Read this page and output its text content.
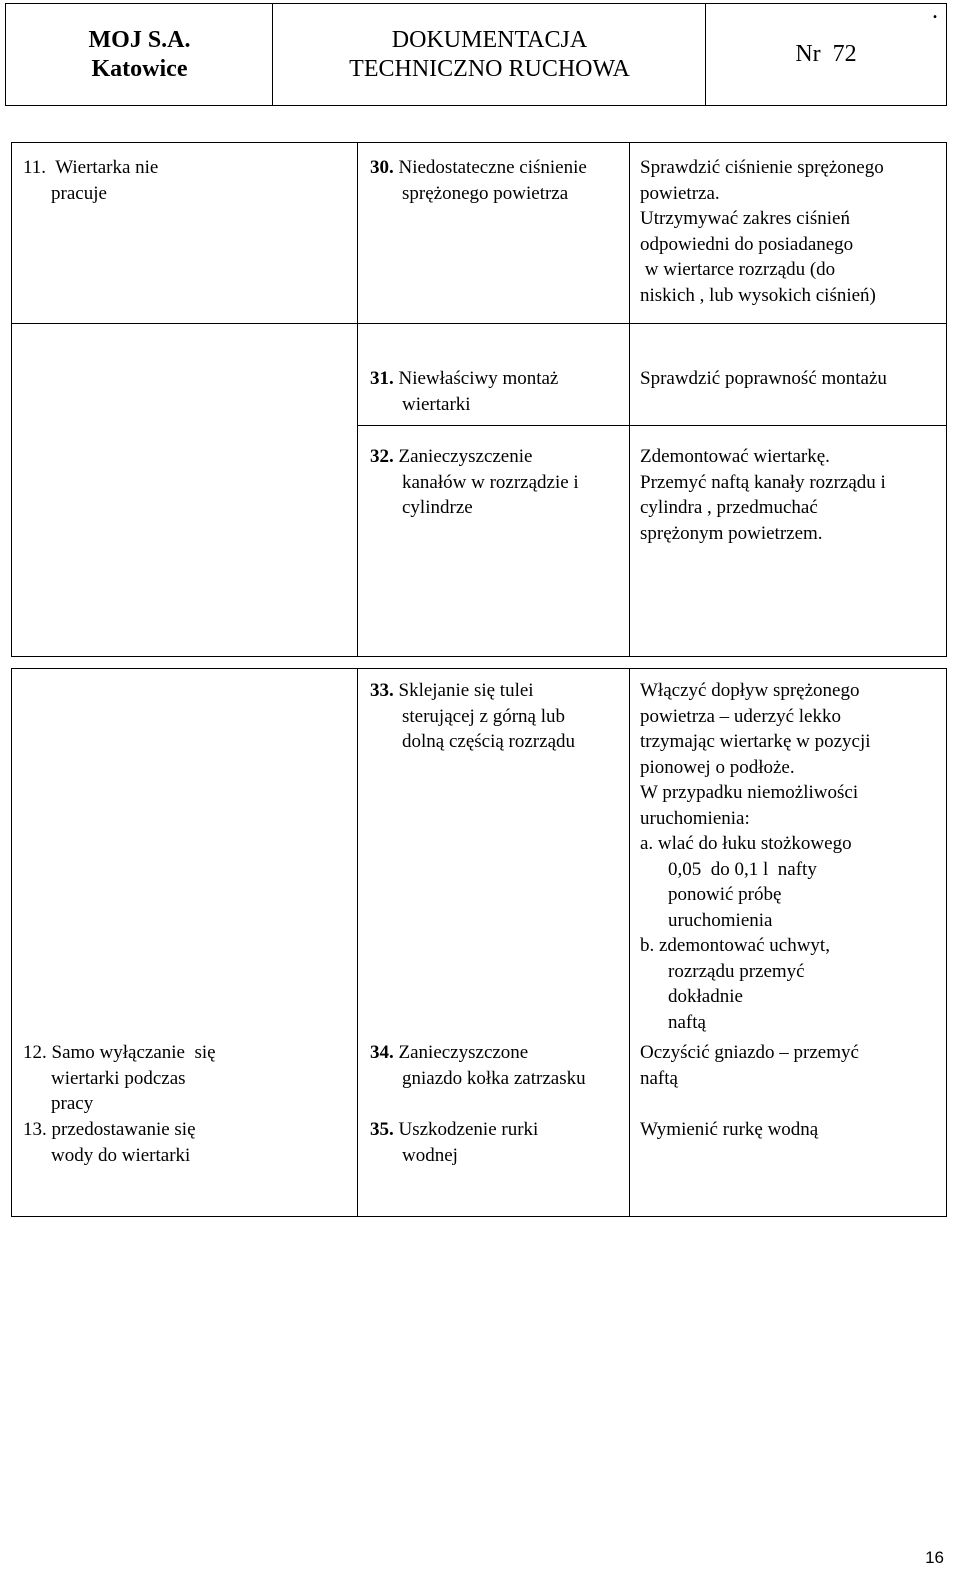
MOJ S.A.
Katowice
DOKUMENTACJA
TECHNICZNO RUCHOWA
Nr  72
.
11.  Wiertarka nie
pracuje
12. Samo wyłączanie  się
wiertarki podczas
pracy
13. przedostawanie się
wody do wiertarki
30. Niedostateczne ciśnienie
sprężonego powietrza
31. Niewłaściwy montaż
wiertarki
32. Zanieczyszczenie
kanałów w rozrządzie i
cylindrze
33. Sklejanie się tulei
sterującej z górną lub
dolną częścią rozrządu
34. Zanieczyszczone
gniazdo kołka zatrzasku
35. Uszkodzenie rurki
wodnej
Sprawdzić ciśnienie sprężonego
powietrza.
Utrzymywać zakres ciśnień
odpowiedni do posiadanego
w wiertarce rozrządu (do
niskich , lub wysokich ciśnień)
Sprawdzić poprawność montażu
Zdemontować wiertarkę.
Przemyć naftą kanały rozrządu i
cylindra , przedmuchać
sprężonym powietrzem.
Włączyć dopływ sprężonego
powietrza – uderzyć lekko
trzymając wiertarkę w pozycji
pionowej o podłoże.
W przypadku niemożliwości
uruchomienia:
a. wlać do łuku stożkowego
0,05  do 0,1 l  nafty
ponowić próbę
uruchomienia
b. zdemontować uchwyt,
rozrządu przemyć
dokładnie
naftą
Oczyścić gniazdo – przemyć
naftą
Wymienić rurkę wodną
16
